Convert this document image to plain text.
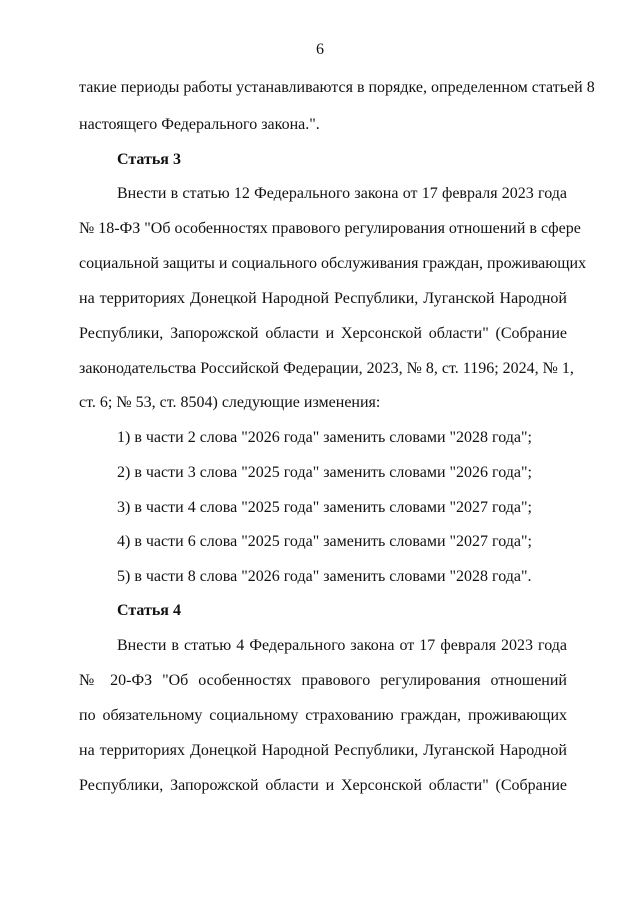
6
такие периоды работы устанавливаются в порядке, определенном статьей 8
настоящего Федерального закона.".
Статья 3
Внести в статью 12 Федерального закона от 17 февраля 2023 года
№ 18-ФЗ "Об особенностях правового регулирования отношений в сфере
социальной защиты и социального обслуживания граждан, проживающих
на территориях Донецкой Народной Республики, Луганской Народной
Республики, Запорожской области и Херсонской области" (Собрание
законодательства Российской Федерации, 2023, № 8, ст. 1196; 2024, № 1,
ст. 6; № 53, ст. 8504) следующие изменения:
1) в части 2 слова "2026 года" заменить словами "2028 года";
2) в части 3 слова "2025 года" заменить словами "2026 года";
3) в части 4 слова "2025 года" заменить словами "2027 года";
4) в части 6 слова "2025 года" заменить словами "2027 года";
5) в части 8 слова "2026 года" заменить словами "2028 года".
Статья 4
Внести в статью 4 Федерального закона от 17 февраля 2023 года
№ 20-ФЗ "Об особенностях правового регулирования отношений
по обязательному социальному страхованию граждан, проживающих
на территориях Донецкой Народной Республики, Луганской Народной
Республики, Запорожской области и Херсонской области" (Собрание
